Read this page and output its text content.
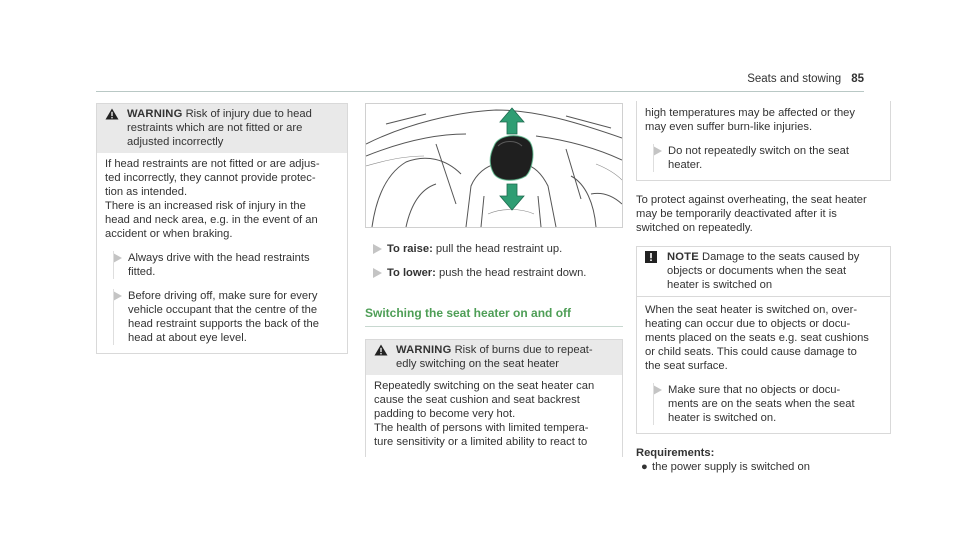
Seats and stowing 85

WARNING Risk of injury due to head

restraints which are not fitted or are

adjusted incorrectly

If head restraints are not fitted or are adjus-

ted incorrectly, they cannot provide protec-

tion as intended.

There is an increased risk of injury in the

head and neck area, e.g. in the event of an

accident or when braking.

Always drive with the head restraints

fitted.

Before driving off, make sure for every

vehicle occupant that the centre of the

head restraint supports the back of the

head at about eye level.

To raise: pull the head restraint up.

To lower: push the head restraint down.

Switching the seat heater on and off

WARNING Risk of burns due to repeat-

edly switching on the seat heater

Repeatedly switching on the seat heater can

cause the seat cushion and seat backrest

padding to become very hot.

The health of persons with limited tempera-

ture sensitivity or a limited ability to react to

high temperatures may be affected or they

may even suffer burn-like injuries.

Do not repeatedly switch on the seat

heater.

To protect against overheating, the seat heater

may be temporarily deactivated after it is

switched on repeatedly.

NOTE Damage to the seats caused by

objects or documents when the seat

heater is switched on

When the seat heater is switched on, over-

heating can occur due to objects or docu-

ments placed on the seats e.g. seat cushions

or child seats. This could cause damage to

the seat surface.

Make sure that no objects or docu-

ments are on the seats when the seat

heater is switched on.

Requirements:

● the power supply is switched on
